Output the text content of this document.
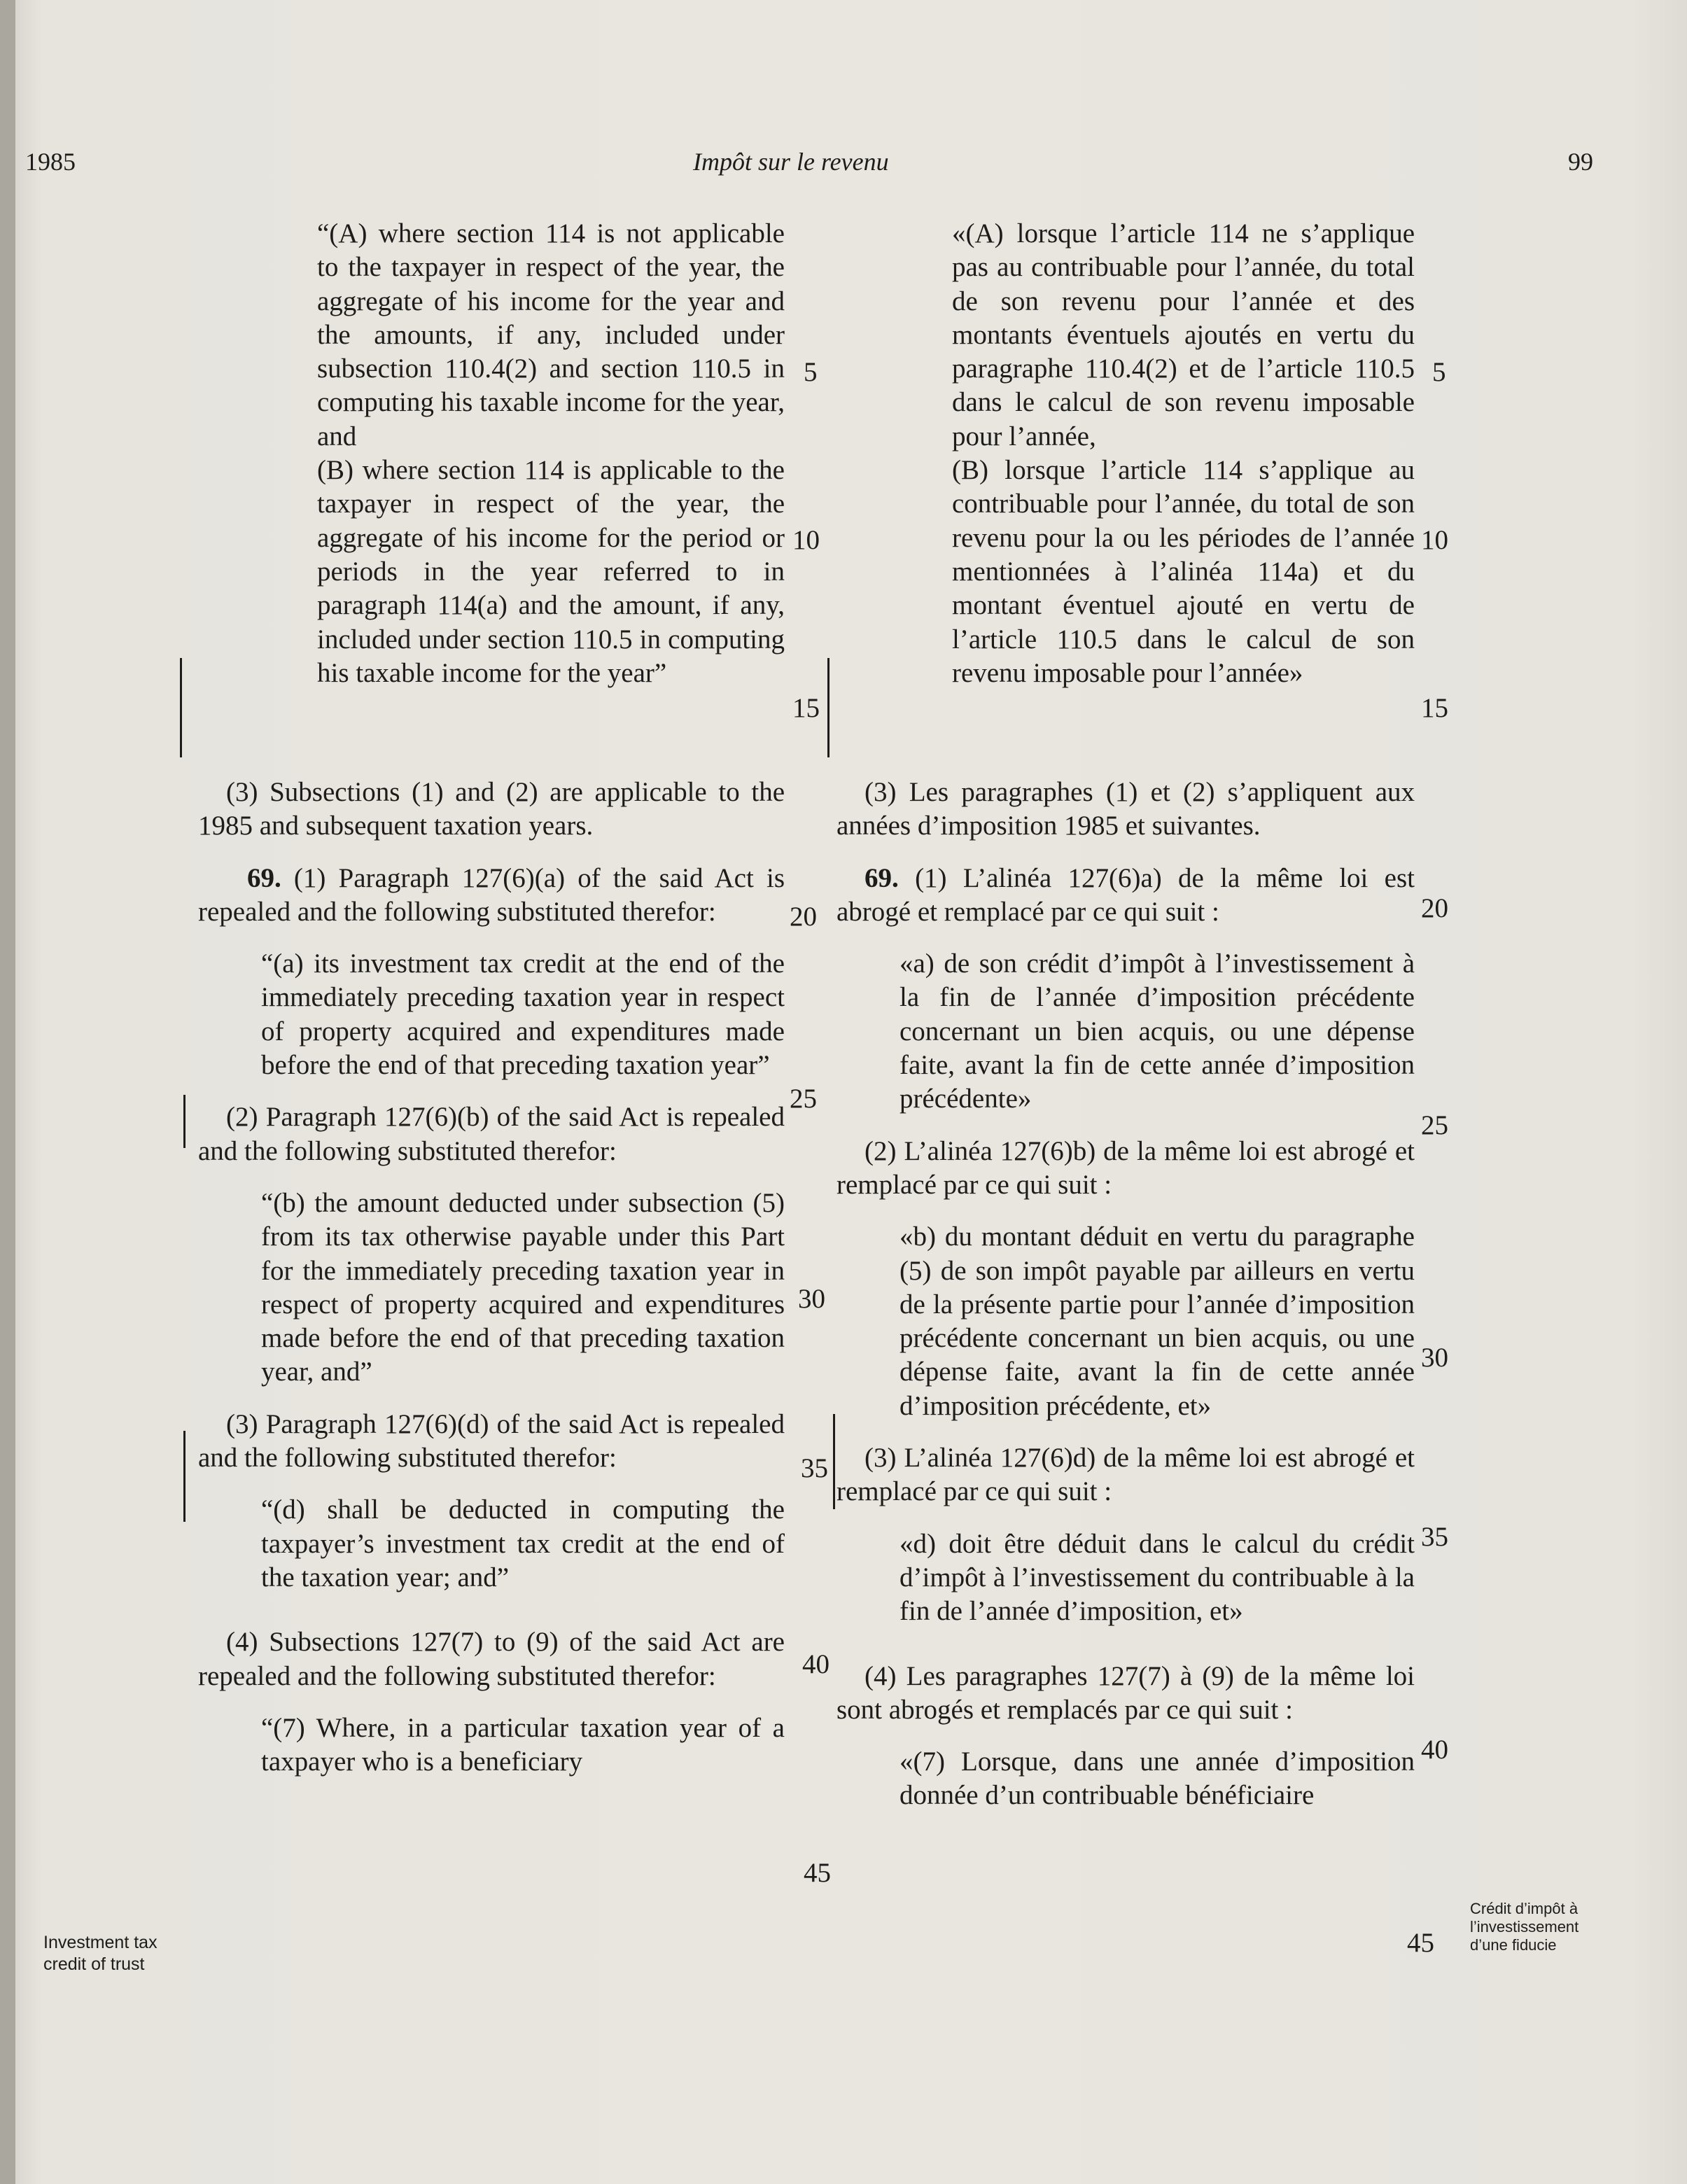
1985	Impôt sur le revenu	99

“(A) where section 114 is not applicable to the taxpayer in respect of the year, the aggregate of his income for the year and the amounts, if any, included under subsection 110.4(2) and section 110.5 in computing his taxable income for the year, and

(B) where section 114 is applicable to the taxpayer in respect of the year, the aggregate of his income for the period or periods in the year referred to in paragraph 114(a) and the amount, if any, included under section 110.5 in computing his taxable income for the year”

(3) Subsections (1) and (2) are applicable to the 1985 and subsequent taxation years.

69. (1) Paragraph 127(6)(a) of the said Act is repealed and the following substituted therefor:

“(a) its investment tax credit at the end of the immediately preceding taxation year in respect of property acquired and expenditures made before the end of that preceding taxation year”

(2) Paragraph 127(6)(b) of the said Act is repealed and the following substituted therefor:

“(b) the amount deducted under subsection (5) from its tax otherwise payable under this Part for the immediately preceding taxation year in respect of property acquired and expenditures made before the end of that preceding taxation year, and”

(3) Paragraph 127(6)(d) of the said Act is repealed and the following substituted therefor:

“(d) shall be deducted in computing the taxpayer’s investment tax credit at the end of the taxation year; and”

(4) Subsections 127(7) to (9) of the said Act are repealed and the following substituted therefor:

“(7) Where, in a particular taxation year of a taxpayer who is a beneficiary

«(A) lorsque l’article 114 ne s’applique pas au contribuable pour l’année, du total de son revenu pour l’année et des montants éventuels ajoutés en vertu du paragraphe 110.4(2) et de l’article 110.5 dans le calcul de son revenu imposable pour l’année,

(B) lorsque l’article 114 s’applique au contribuable pour l’année, du total de son revenu pour la ou les périodes de l’année mentionnées à l’alinéa 114a) et du montant éventuel ajouté en vertu de l’article 110.5 dans le calcul de son revenu imposable pour l’année»

(3) Les paragraphes (1) et (2) s’appliquent aux années d’imposition 1985 et suivantes.

69. (1) L’alinéa 127(6)a) de la même loi est abrogé et remplacé par ce qui suit :

«a) de son crédit d’impôt à l’investissement à la fin de l’année d’imposition précédente concernant un bien acquis, ou une dépense faite, avant la fin de cette année d’imposition précédente»

(2) L’alinéa 127(6)b) de la même loi est abrogé et remplacé par ce qui suit :

«b) du montant déduit en vertu du paragraphe (5) de son impôt payable par ailleurs en vertu de la présente partie pour l’année d’imposition précédente concernant un bien acquis, ou une dépense faite, avant la fin de cette année d’imposition précédente, et»

(3) L’alinéa 127(6)d) de la même loi est abrogé et remplacé par ce qui suit :

«d) doit être déduit dans le calcul du crédit d’impôt à l’investissement du contribuable à la fin de l’année d’imposition, et»

(4) Les paragraphes 127(7) à (9) de la même loi sont abrogés et remplacés par ce qui suit :

«(7) Lorsque, dans une année d’imposition donnée d’un contribuable bénéficiaire

5
10
15
20
25
30
35
40
45
5
10
15
20
25
30
35
40
45
Investment tax credit of trust
Crédit d’impôt à l’investissement d’une fiducie
